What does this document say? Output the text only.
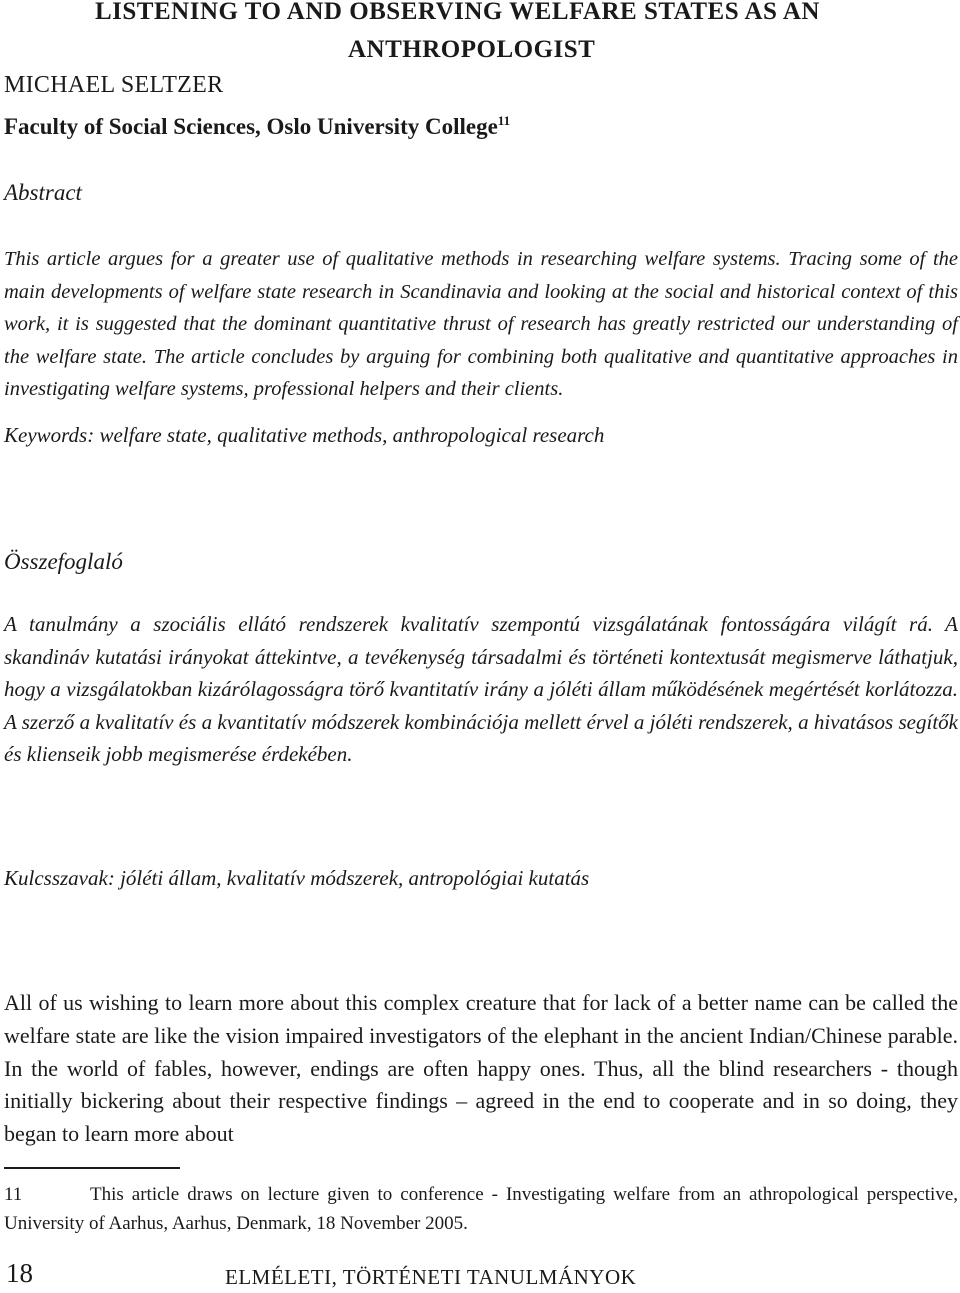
LISTENING TO AND OBSERVING WELFARE STATES AS AN
ANTHROPOLOGIST

MICHAEL SELTZER

Faculty of Social Sciences, Oslo University College$^{11}$

Abstract

This article argues for a greater use of qualitative methods in researching welfare systems. Tracing some of the main developments of welfare state research in Scandinavia and looking at the social and historical context of this work, it is suggested that the dominant quantitative thrust of research has greatly restricted our understanding of the welfare state. The article concludes by arguing for combining both qualitative and quantitative approaches in investigating welfare systems, professional helpers and their clients.

Keywords: welfare state, qualitative methods, anthropological research

Összefoglaló

A tanulmány a szociális ellátó rendszerek kvalitatív szempontú vizsgálatának fontosságára világít rá. A skandináv kutatási irányokat áttekintve, a tevékenység társadalmi és történeti kontextusát megismerve láthatjuk, hogy a vizsgálatokban kizárólagosságra törő kvantitatív irány a jóléti állam működésének megértését korlátozza. A szerző a kvalitatív és a kvantitatív módszerek kombinációja mellett érvel a jóléti rendszerek, a hivatásos segítők és klienseik jobb megismerése érdekében.

Kulcsszavak: jóléti állam, kvalitatív módszerek, antropológiai kutatás

All of us wishing to learn more about this complex creature that for lack of a better name can be called the welfare state are like the vision impaired investigators of the elephant in the ancient Indian/Chinese parable. In the world of fables, however, endings are often happy ones. Thus, all the blind researchers - though initially bickering about their respective findings – agreed in the end to cooperate and in so doing, they began to learn more about

11	This article draws on lecture given to conference - Investigating welfare from an athropological perspective, University of Aarhus, Aarhus, Denmark, 18 November 2005.

18	ELMÉLETI, TÖRTÉNETI TANULMÁNYOK
